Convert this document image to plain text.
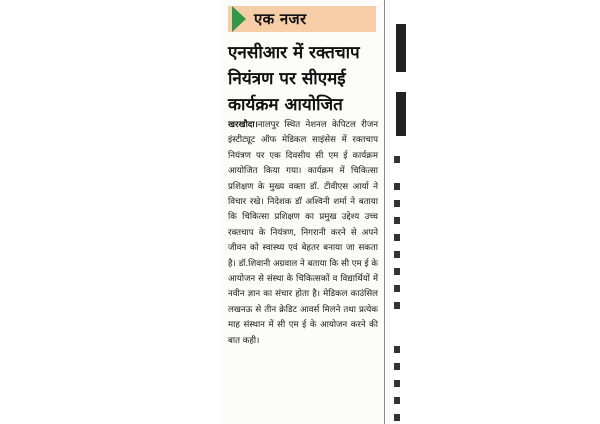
एक नजर
एनसीआर में रक्तचाप नियंत्रण पर सीएमई कार्यक्रम आयोजित
खरखौदा।नालपुर स्थित नेशनल केपिटल रीजन इंस्टीट्यूट ऑफ मेडिकल साइंसेस में रक्तचाप नियंत्रण पर एक दिवसीय सी एम ई कार्यक्रम आयोजित किया गया। कार्यक्रम में चिकित्सा प्रशिक्षण के मुख्य वक्ता डॉ. टीवीएस आर्या ने विचार रखे। निदेशक डॉ अश्विनी शर्मा ने बताया कि चिकित्सा प्रशिक्षण का प्रमुख उद्देश्य उच्च रक्तचाप के नियंत्रण, निगरानी करने से अपने जीवन को स्वास्थ्य एवं बेहतर बनाया जा सकता है। डॉ.शिवानी अग्रवाल ने बताया कि सी एम ई के आयोजन से संस्था के चिकित्सकों व विद्यार्थियों में नवीन ज्ञान का संचार होता है। मेडिकल काउंसिल लखनऊ से तीन क्रेडिट आवर्स मिलने तथा प्रत्येक माह संस्थान में सी एम ई के आयोजन करने की बात कही।
